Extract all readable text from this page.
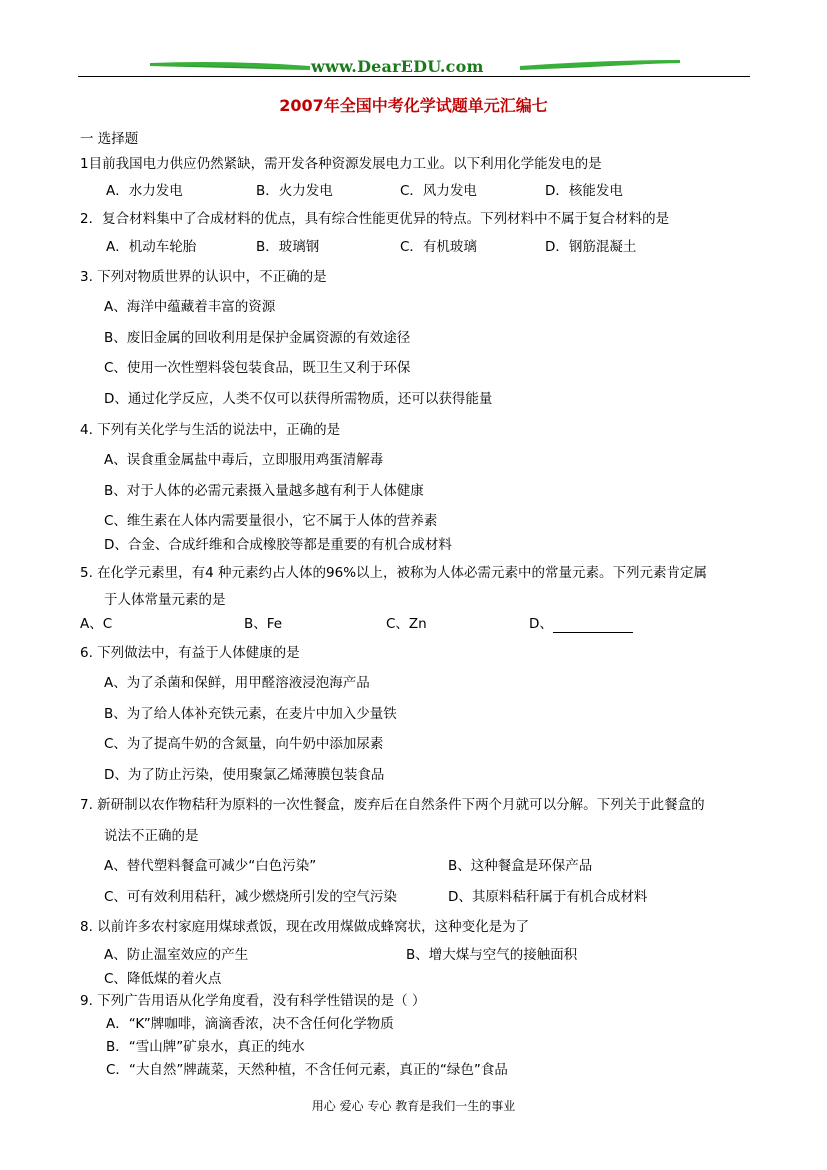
www.DearEDU.com
2007年全国中考化学试题单元汇编七
一 选择题
1目前我国电力供应仍然紧缺，需开发各种资源发展电力工业。以下利用化学能发电的是
A．水力发电	B．火力发电	C．风力发电	D．核能发电
2．复合材料集中了合成材料的优点，具有综合性能更优异的特点。下列材料中不属于复合材料的是
A．机动车轮胎	B．玻璃钢	C．有机玻璃	D．钢筋混凝土
3. 下列对物质世界的认识中，不正确的是
A、海洋中蕴藏着丰富的资源
B、废旧金属的回收利用是保护金属资源的有效途径
C、使用一次性塑料袋包装食品，既卫生又利于环保
D、通过化学反应，人类不仅可以获得所需物质，还可以获得能量
4. 下列有关化学与生活的说法中，正确的是
A、误食重金属盐中毒后，立即服用鸡蛋清解毒
B、对于人体的必需元素摄入量越多越有利于人体健康
C、维生素在人体内需要量很小，它不属于人体的营养素
D、合金、合成纤维和合成橡胶等都是重要的有机合成材料
5. 在化学元素里，有4 种元素约占人体的96%以上，被称为人体必需元素中的常量元素。下列元素肯定属
于人体常量元素的是
A、C	B、Fe	C、Zn	D、
6. 下列做法中，有益于人体健康的是
A、为了杀菌和保鲜，用甲醛溶液浸泡海产品
B、为了给人体补充铁元素，在麦片中加入少量铁
C、为了提高牛奶的含氮量，向牛奶中添加尿素
D、为了防止污染，使用聚氯乙烯薄膜包装食品
7. 新研制以农作物秸秆为原料的一次性餐盒，废弃后在自然条件下两个月就可以分解。下列关于此餐盒的
说法不正确的是
A、替代塑料餐盒可减少“白色污染”	B、这种餐盒是环保产品
C、可有效利用秸秆，减少燃烧所引发的空气污染	D、其原料秸秆属于有机合成材料
8. 以前许多农村家庭用煤球煮饭，现在改用煤做成蜂窝状，这种变化是为了
A、防止温室效应的产生	B、增大煤与空气的接触面积
C、降低煤的着火点
9. 下列广告用语从化学角度看，没有科学性错误的是（ ）
A．“K”牌咖啡，滴滴香浓，决不含任何化学物质
B．“雪山牌”矿泉水，真正的纯水
C．“大自然”牌蔬菜，天然种植，不含任何元素，真正的“绿色”食品
用心 爱心 专心 教育是我们一生的事业
